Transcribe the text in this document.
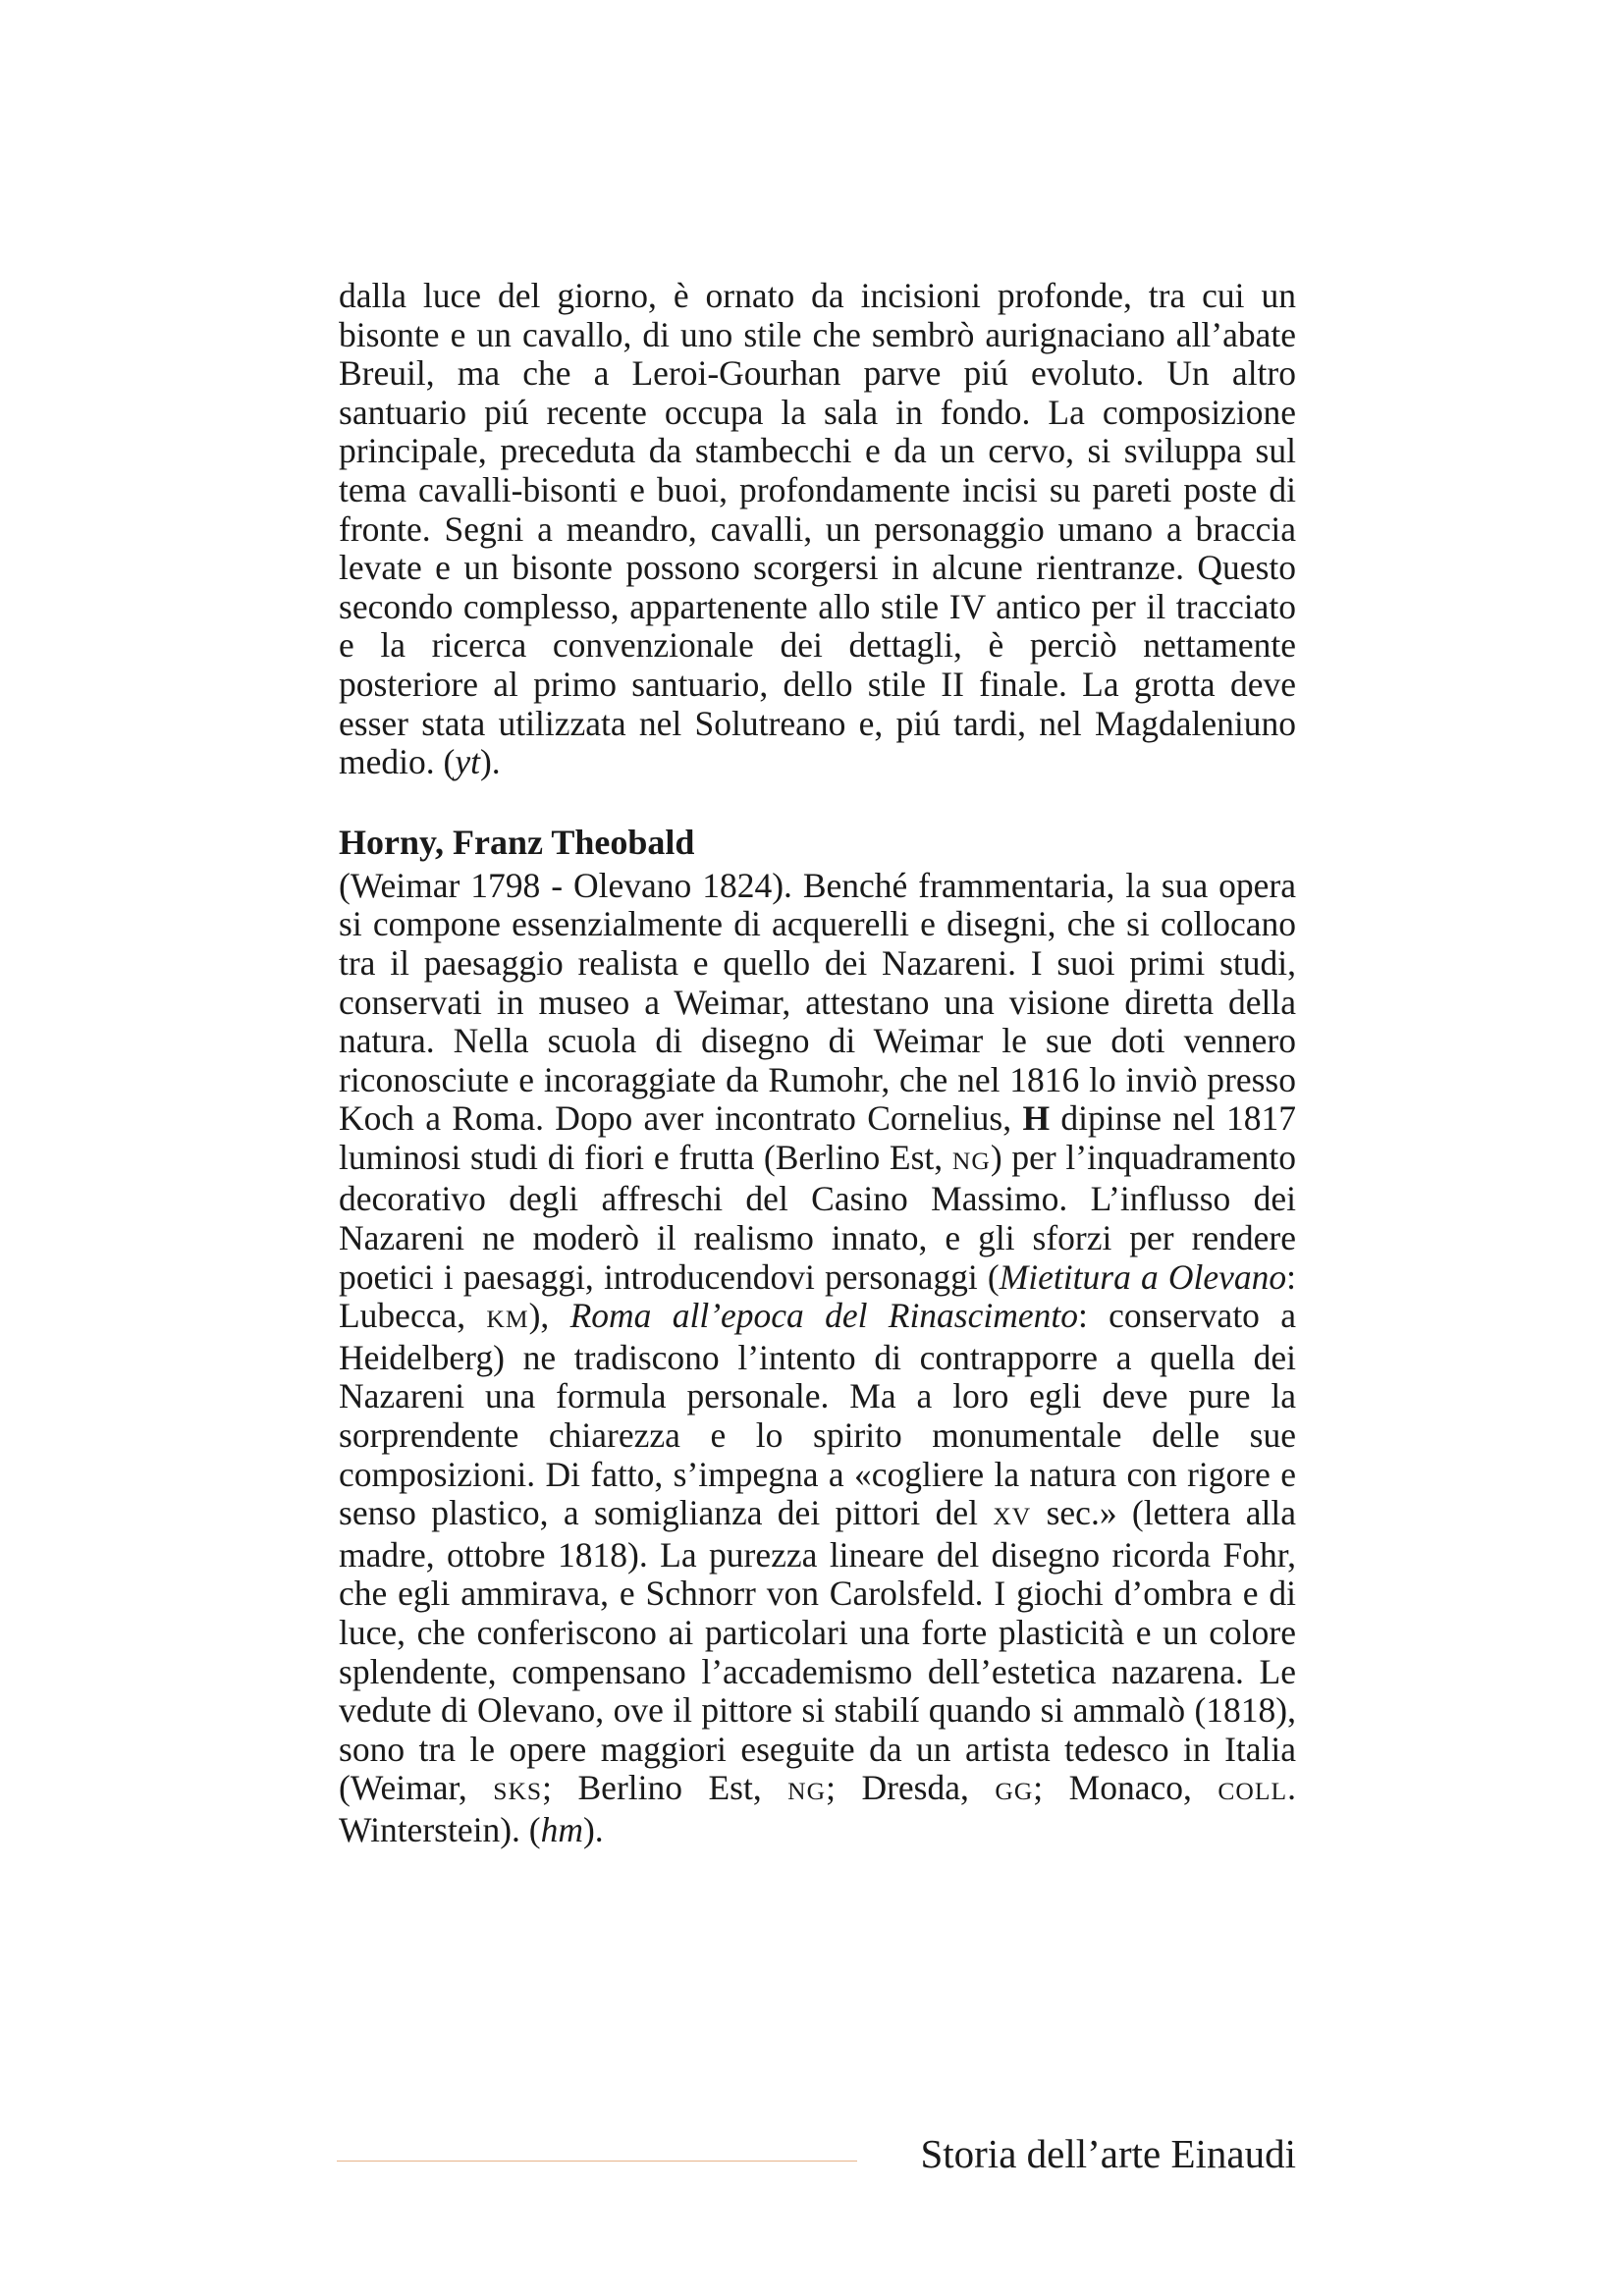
dalla luce del giorno, è ornato da incisioni profonde, tra cui un bisonte e un cavallo, di uno stile che sembrò aurignaciano all’abate Breuil, ma che a Leroi-Gourhan parve piú evoluto. Un altro santuario piú recente occupa la sala in fondo. La composizione principale, preceduta da stambecchi e da un cervo, si sviluppa sul tema cavalli-bisonti e buoi, profondamente incisi su pareti poste di fronte. Segni a meandro, cavalli, un personaggio umano a braccia levate e un bisonte possono scorgersi in alcune rientranze. Questo secondo complesso, appartenente allo stile IV antico per il tracciato e la ricerca convenzionale dei dettagli, è perciò nettamente posteriore al primo santuario, dello stile II finale. La grotta deve esser stata utilizzata nel Solutreano e, piú tardi, nel Magdaleniuno medio. (yt).

Horny, Franz Theobald

(Weimar 1798 - Olevano 1824). Benché frammentaria, la sua opera si compone essenzialmente di acquerelli e disegni, che si collocano tra il paesaggio realista e quello dei Nazareni. I suoi primi studi, conservati in museo a Weimar, attestano una visione diretta della natura. Nella scuola di disegno di Weimar le sue doti vennero riconosciute e incoraggiate da Rumohr, che nel 1816 lo inviò presso Koch a Roma. Dopo aver incontrato Cornelius, H dipinse nel 1817 luminosi studi di fiori e frutta (Berlino Est, NG) per l’inquadramento decorativo degli affreschi del Casino Massimo. L’influsso dei Nazareni ne moderò il realismo innato, e gli sforzi per rendere poetici i paesaggi, introducendovi personaggi (Mietitura a Olevano: Lubecca, KM), Roma all’epoca del Rinascimento: conservato a Heidelberg) ne tradiscono l’intento di contrapporre a quella dei Nazareni una formula personale. Ma a loro egli deve pure la sorprendente chiarezza e lo spirito monumentale delle sue composizioni. Di fatto, s’impegna a «cogliere la natura con rigore e senso plastico, a somiglianza dei pittori del XV sec.» (lettera alla madre, ottobre 1818). La purezza lineare del disegno ricorda Fohr, che egli ammirava, e Schnorr von Carolsfeld. I giochi d’ombra e di luce, che conferiscono ai particolari una forte plasticità e un colore splendente, compensano l’accademismo dell’estetica nazarena. Le vedute di Olevano, ove il pittore si stabilí quando si ammalò (1818), sono tra le opere maggiori eseguite da un artista tedesco in Italia (Weimar, SKS; Berlino Est, NG; Dresda, GG; Monaco, COLL. Winterstein). (hm).

Storia dell’arte Einaudi
